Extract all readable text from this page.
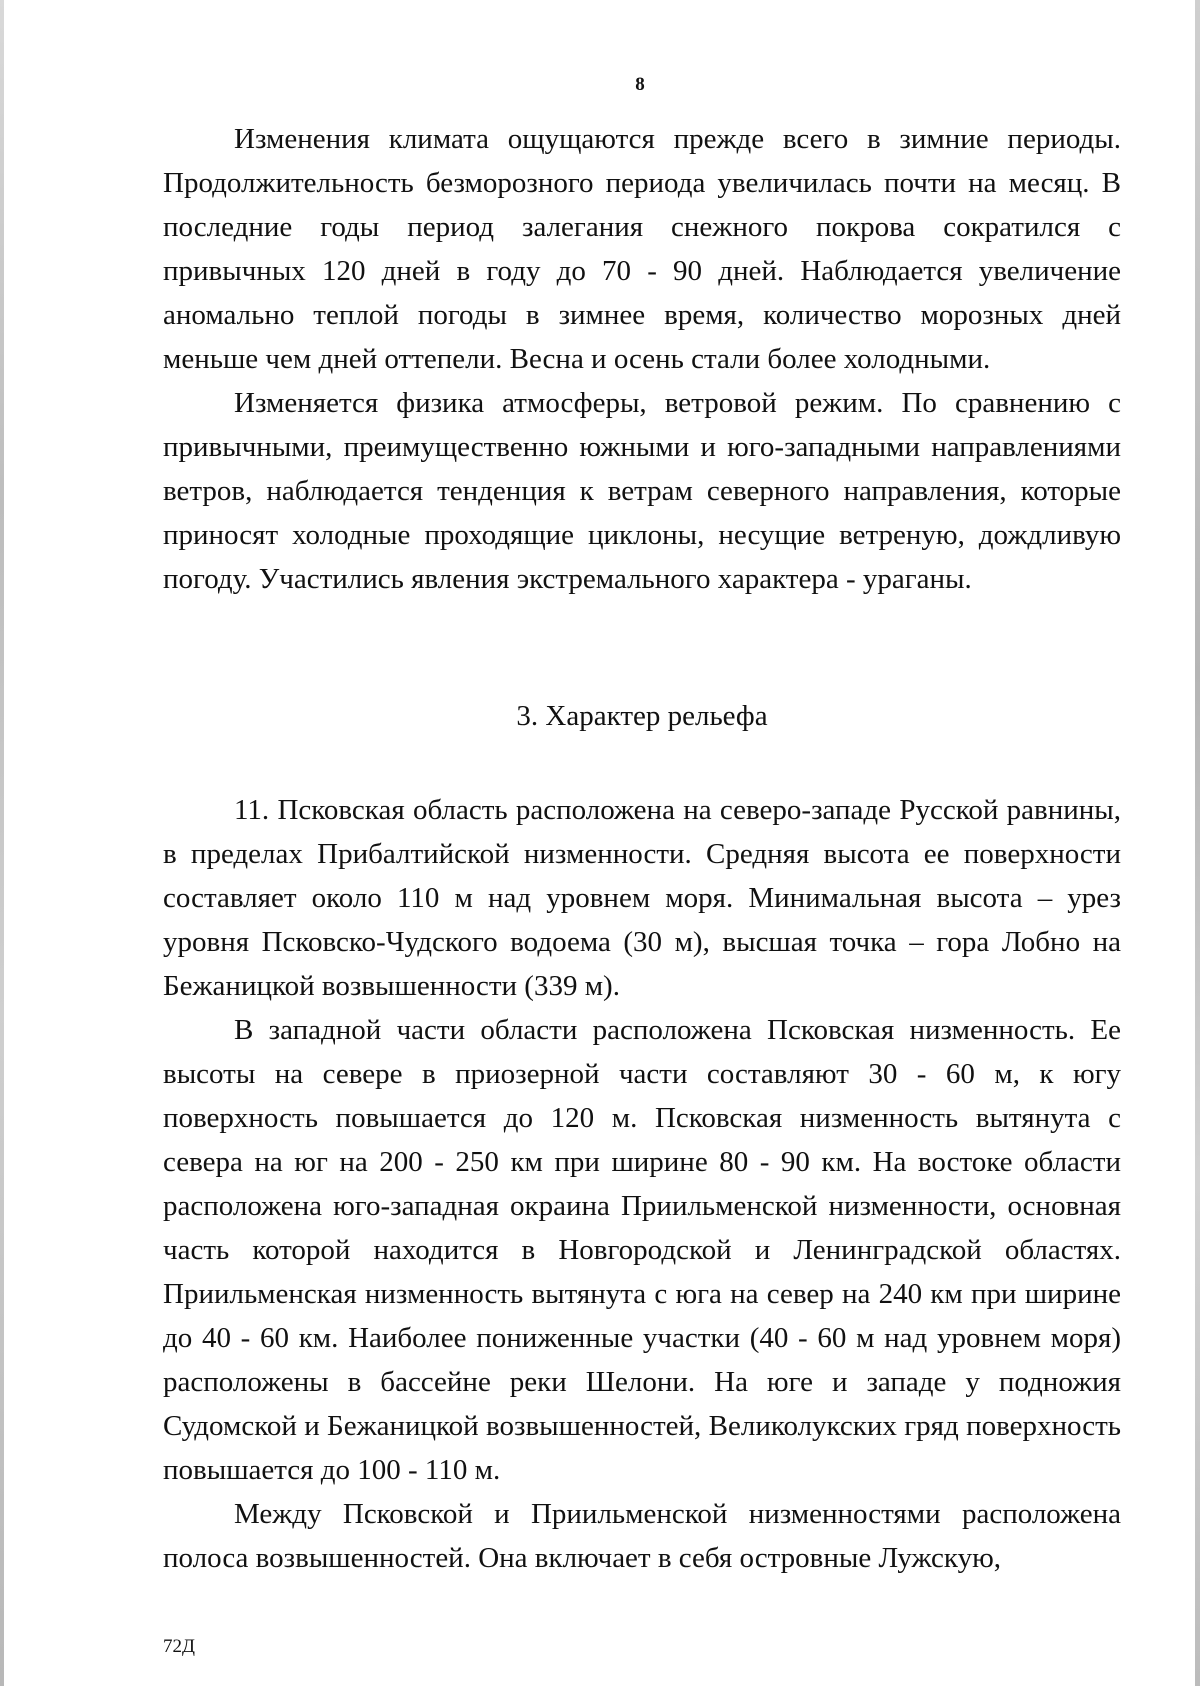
8

Изменения климата ощущаются прежде всего в зимние периоды. Продолжительность безморозного периода увеличилась почти на месяц. В последние годы период залегания снежного покрова сократился с привычных 120 дней в году до 70 - 90 дней. Наблюдается увеличение аномально теплой погоды в зимнее время, количество морозных дней меньше чем дней оттепели. Весна и осень стали более холодными.

Изменяется физика атмосферы, ветровой режим. По сравнению с привычными, преимущественно южными и юго-западными направлениями ветров, наблюдается тенденция к ветрам северного направления, которые приносят холодные проходящие циклоны, несущие ветреную, дождливую погоду. Участились явления экстремального характера - ураганы.

3. Характер рельефа

11. Псковская область расположена на северо-западе Русской равнины, в пределах Прибалтийской низменности. Средняя высота ее поверхности составляет около 110 м над уровнем моря. Минимальная высота – урез уровня Псковско-Чудского водоема (30 м), высшая точка – гора Лобно на Бежаницкой возвышенности (339 м).

В западной части области расположена Псковская низменность. Ее высоты на севере в приозерной части составляют 30 - 60 м, к югу поверхность повышается до 120 м. Псковская низменность вытянута с севера на юг на 200 - 250 км при ширине 80 - 90 км. На востоке области расположена юго-западная окраина Приильменской низменности, основная часть которой находится в Новгородской и Ленинградской областях. Приильменская низменность вытянута с юга на север на 240 км при ширине до 40 - 60 км. Наиболее пониженные участки (40 - 60 м над уровнем моря) расположены в бассейне реки Шелони. На юге и западе у подножия Судомской и Бежаницкой возвышенностей, Великолукских гряд поверхность повышается до 100 - 110 м.

Между Псковской и Приильменской низменностями расположена полоса возвышенностей. Она включает в себя островные Лужскую,

72Д
